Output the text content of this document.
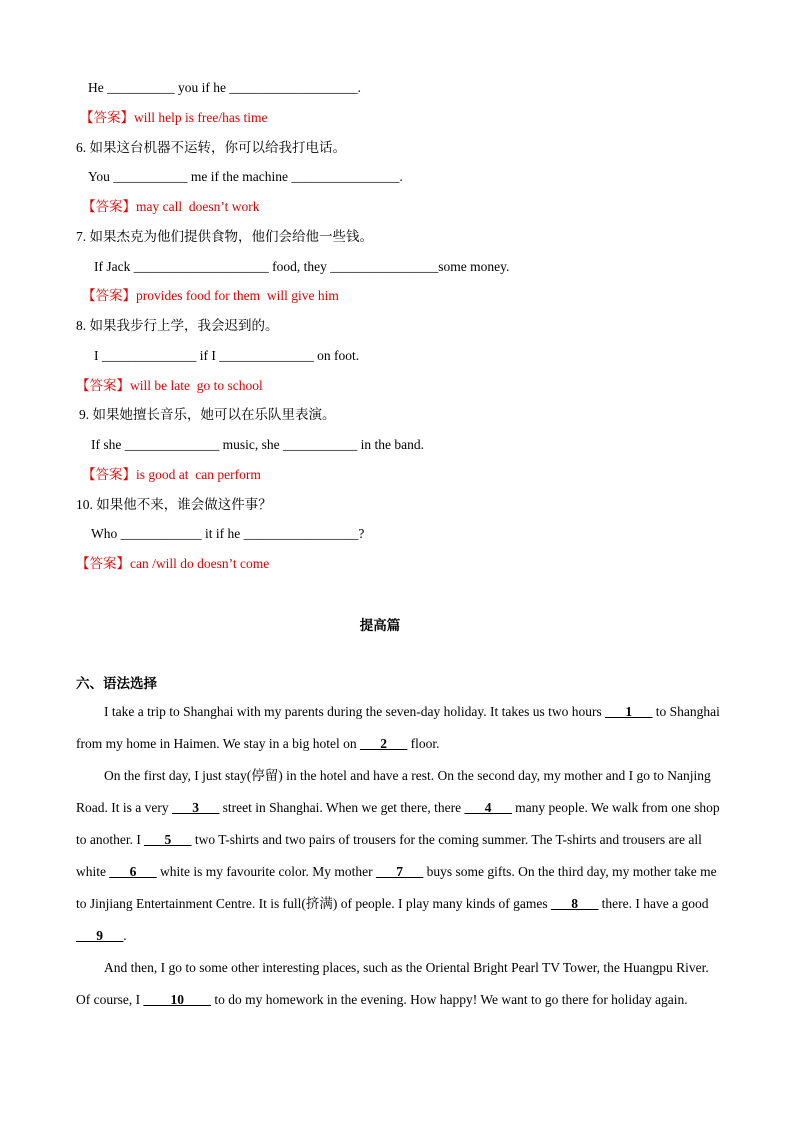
He __________ you if he ___________________.
【答案】will help is free/has time
6. 如果这台机器不运转，你可以给我打电话。
You ___________ me if the machine ________________.
【答案】may call  doesn’t work
7. 如果杰克为他们提供食物，他们会给他一些钱。
If Jack ____________________ food, they ________________some money.
【答案】provides food for them  will give him
8. 如果我步行上学，我会迟到的。
I ______________ if I ______________ on foot.
【答案】will be late  go to school
9. 如果她擅长音乐，她可以在乐队里表演。
If she ______________ music, she ___________ in the band.
【答案】is good at  can perform
10. 如果他不来，谁会做这件事？
Who ____________ it if he _________________?
【答案】can /will do doesn’t come
提高篇
六、语法选择
I take a trip to Shanghai with my parents during the seven-day holiday. It takes us two hours ___1___ to Shanghai from my home in Haimen. We stay in a big hotel on ___2___ floor.
On the first day, I just stay(停留) in the hotel and have a rest. On the second day, my mother and I go to Nanjing Road. It is a very ___3___ street in Shanghai. When we get there, there ___4___ many people. We walk from one shop to another. I ___5___ two T-shirts and two pairs of trousers for the coming summer. The T-shirts and trousers are all white ___6___ white is my favourite color. My mother ___7___ buys some gifts. On the third day, my mother take me to Jinjiang Entertainment Centre. It is full(挤满) of people. I play many kinds of games ___8___ there. I have a good ___9___.
And then, I go to some other interesting places, such as the Oriental Bright Pearl TV Tower, the Huangpu River. Of course, I ____10____ to do my homework in the evening. How happy! We want to go there for holiday again.
